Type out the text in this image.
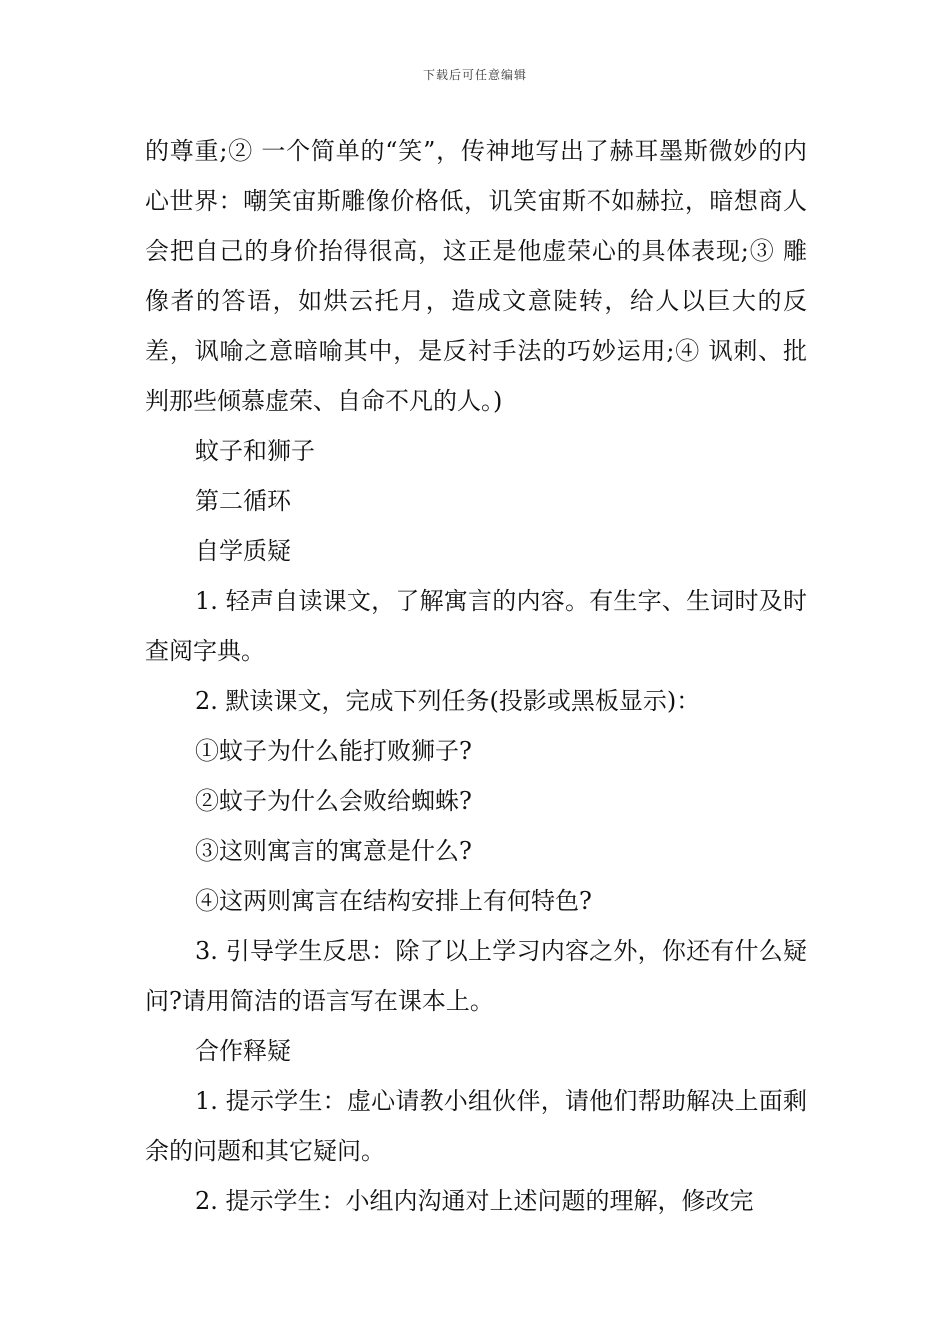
下载后可任意编辑

的尊重;② 一个简单的“笑”，传神地写出了赫耳墨斯微妙的内心世界：嘲笑宙斯雕像价格低，讥笑宙斯不如赫拉，暗想商人会把自己的身价抬得很高，这正是他虚荣心的具体表现;③ 雕像者的答语，如烘云托月，造成文意陡转，给人以巨大的反差，讽喻之意暗喻其中，是反衬手法的巧妙运用;④ 讽刺、批判那些倾慕虚荣、自命不凡的人。)

蚊子和狮子

第二循环

自学质疑

1. 轻声自读课文，了解寓言的内容。有生字、生词时及时查阅字典。

2. 默读课文，完成下列任务(投影或黑板显示)：

①蚊子为什么能打败狮子?

②蚊子为什么会败给蜘蛛?

③这则寓言的寓意是什么?

④这两则寓言在结构安排上有何特色?

3. 引导学生反思：除了以上学习内容之外，你还有什么疑问?请用简洁的语言写在课本上。

合作释疑

1. 提示学生：虚心请教小组伙伴，请他们帮助解决上面剩余的问题和其它疑问。

2. 提示学生：小组内沟通对上述问题的理解，修改完
